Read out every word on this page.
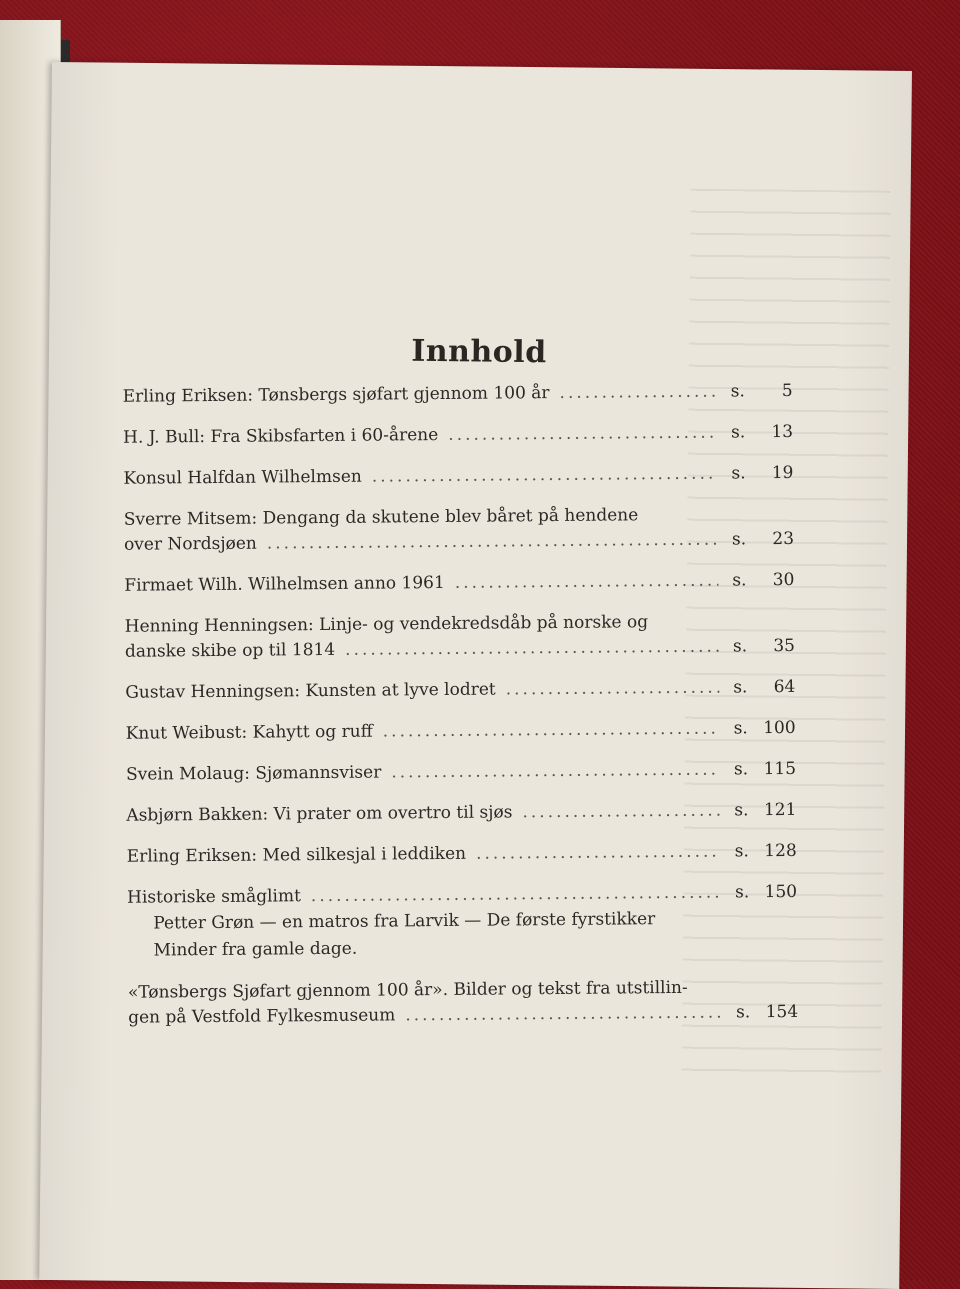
Innhold
Erling Eriksen: Tønsbergs sjøfart gjennom 100 år .....	s. 5
H. J. Bull: Fra Skibsfarten i 60-årene .....	s. 13
Konsul Halfdan Wilhelmsen .....	s. 19
Sverre Mitsem: Dengang da skutene blev båret på hendene
over Nordsjøen .....	s. 23
Firmaet Wilh. Wilhelmsen anno 1961 .....	s. 30
Henning Henningsen: Linje- og vendekredsdåb på norske og
danske skibe op til 1814 .....	s. 35
Gustav Henningsen: Kunsten at lyve lodret .....	s. 64
Knut Weibust: Kahytt og ruff .....	s. 100
Svein Molaug: Sjømannsviser .....	s. 115
Asbjørn Bakken: Vi prater om overtro til sjøs .....	s. 121
Erling Eriksen: Med silkesjal i leddiken .....	s. 128
Historiske småglimt .....	s. 150
Petter Grøn — en matros fra Larvik — De første fyrstikker
Minder fra gamle dage.
«Tønsbergs Sjøfart gjennom 100 år». Bilder og tekst fra utstillin-
gen på Vestfold Fylkesmuseum .....	s. 154
